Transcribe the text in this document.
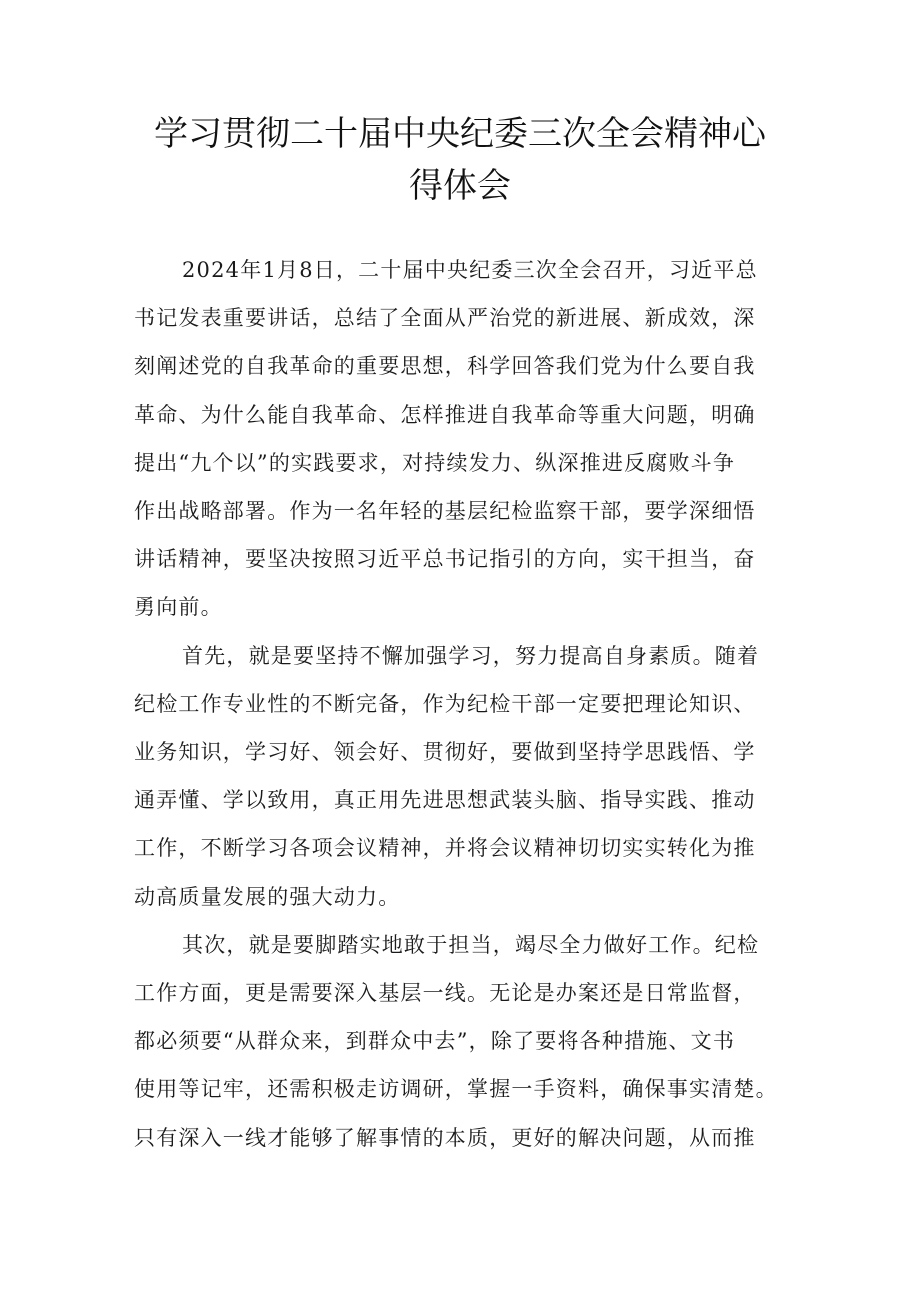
学习贯彻二十届中央纪委三次全会精神心
得体会

2024年1月8日，二十届中央纪委三次全会召开，习近平总
书记发表重要讲话，总结了全面从严治党的新进展、新成效，深
刻阐述党的自我革命的重要思想，科学回答我们党为什么要自我
革命、为什么能自我革命、怎样推进自我革命等重大问题，明确
提出“九个以”的实践要求，对持续发力、纵深推进反腐败斗争
作出战略部署。作为一名年轻的基层纪检监察干部，要学深细悟
讲话精神，要坚决按照习近平总书记指引的方向，实干担当，奋
勇向前。

首先，就是要坚持不懈加强学习，努力提高自身素质。随着
纪检工作专业性的不断完备，作为纪检干部一定要把理论知识、
业务知识，学习好、领会好、贯彻好，要做到坚持学思践悟、学
通弄懂、学以致用，真正用先进思想武装头脑、指导实践、推动
工作，不断学习各项会议精神，并将会议精神切切实实转化为推
动高质量发展的强大动力。

其次，就是要脚踏实地敢于担当，竭尽全力做好工作。纪检
工作方面，更是需要深入基层一线。无论是办案还是日常监督，
都必须要“从群众来，到群众中去”，除了要将各种措施、文书
使用等记牢，还需积极走访调研，掌握一手资料，确保事实清楚。
只有深入一线才能够了解事情的本质，更好的解决问题，从而推
